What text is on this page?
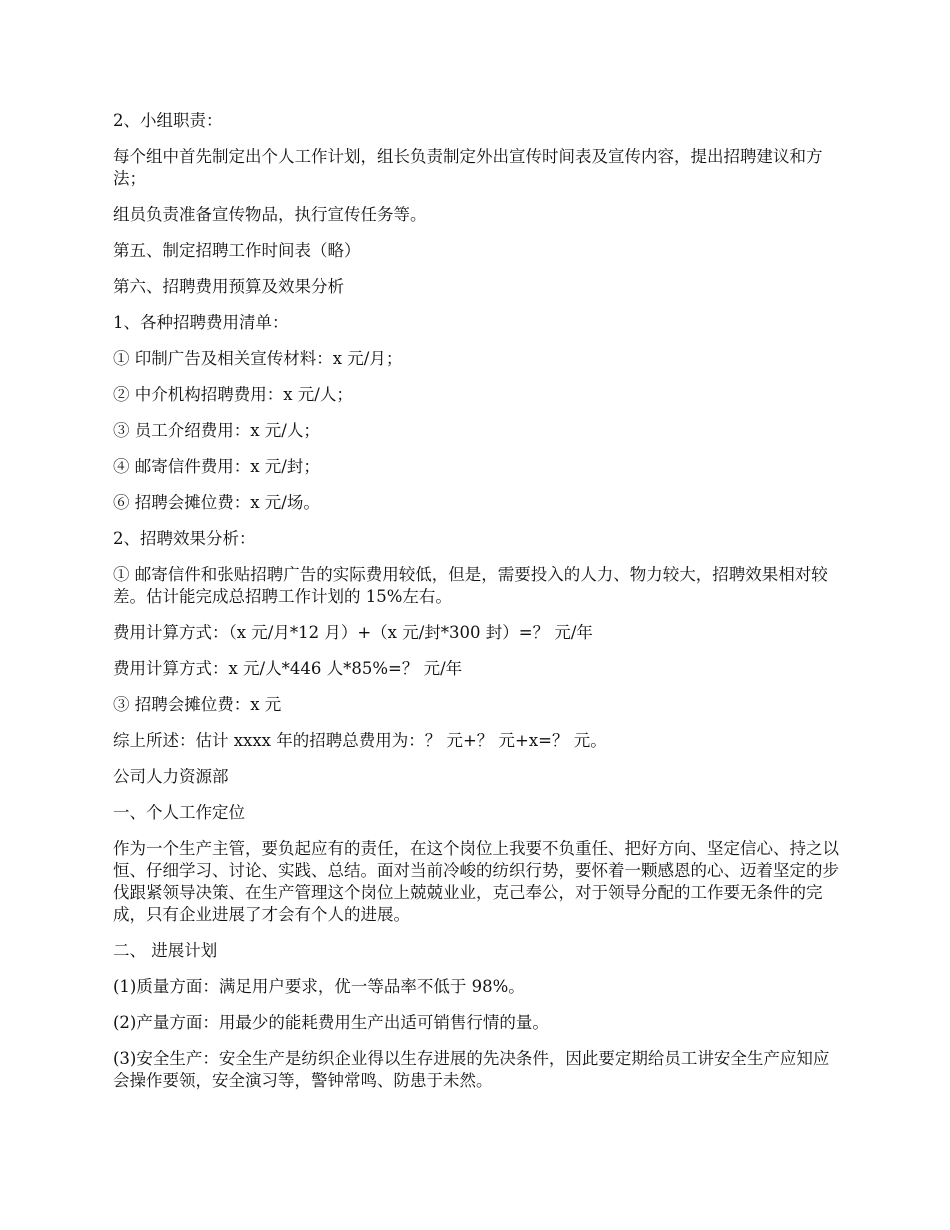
2、小组职责：

每个组中首先制定出个人工作计划，组长负责制定外出宣传时间表及宣传内容，提出招聘建议和方法；

组员负责准备宣传物品，执行宣传任务等。

第五、制定招聘工作时间表（略）

第六、招聘费用预算及效果分析

1、各种招聘费用清单：

① 印制广告及相关宣传材料：x 元/月；

② 中介机构招聘费用：x 元/人；

③ 员工介绍费用：x 元/人；

④ 邮寄信件费用：x 元/封；

⑥ 招聘会摊位费：x 元/场。

2、招聘效果分析：

① 邮寄信件和张贴招聘广告的实际费用较低，但是，需要投入的人力、物力较大，招聘效果相对较差。估计能完成总招聘工作计划的 15%左右。

费用计算方式：（x 元/月*12 月）+（x 元/封*300 封）=？ 元/年

费用计算方式：x 元/人*446 人*85%=？ 元/年

③ 招聘会摊位费：x 元

综上所述：估计 xxxx 年的招聘总费用为：？ 元+？ 元+x=？ 元。

公司人力资源部

一、个人工作定位

作为一个生产主管，要负起应有的责任，在这个岗位上我要不负重任、把好方向、坚定信心、持之以恒、仔细学习、讨论、实践、总结。面对当前冷峻的纺织行势，要怀着一颗感恩的心、迈着坚定的步伐跟紧领导决策、在生产管理这个岗位上兢兢业业，克己奉公，对于领导分配的工作要无条件的完成，只有企业进展了才会有个人的进展。

二、 进展计划

(1)质量方面：满足用户要求，优一等品率不低于 98%。

(2)产量方面：用最少的能耗费用生产出适可销售行情的量。

(3)安全生产：安全生产是纺织企业得以生存进展的先决条件，因此要定期给员工讲安全生产应知应会操作要领，安全演习等，警钟常鸣、防患于未然。
